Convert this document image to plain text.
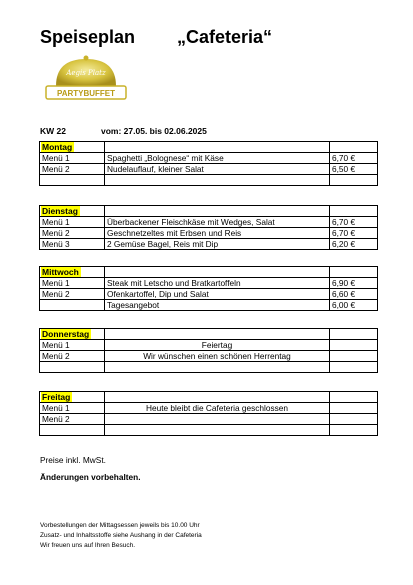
Speiseplan „Cafeteria“
Aegis Platz
PARTYBUFFET
KW 22	vom: 27.05. bis 02.06.2025
Montag		
Menü 1	Spaghetti „Bolognese“ mit Käse	6,70 €
Menü 2	Nudelauflauf, kleiner Salat	6,50 €

Dienstag		
Menü 1	Überbackener Fleischkäse mit Wedges, Salat	6,70 €
Menü 2	Geschnetzeltes mit Erbsen und Reis	6,70 €
Menü 3	2 Gemüse Bagel, Reis mit Dip	6,20 €
Mittwoch		
Menü 1	Steak mit Letscho und Bratkartoffeln	6,90 €
Menü 2	Ofenkartoffel, Dip und Salat	6,60 €
	Tagesangebot	6,00 €
Donnerstag		
Menü 1	Feiertag	
Menü 2	Wir wünschen einen schönen Herrentag	

Freitag		
Menü 1	Heute bleibt die Cafeteria geschlossen	
Menü 2		

Preise inkl. MwSt.
Änderungen vorbehalten.
Vorbestellungen der Mittagsessen jeweils bis 10.00 Uhr
Zusatz- und Inhaltsstoffe siehe Aushang in der Cafeteria
Wir freuen uns auf Ihren Besuch.
